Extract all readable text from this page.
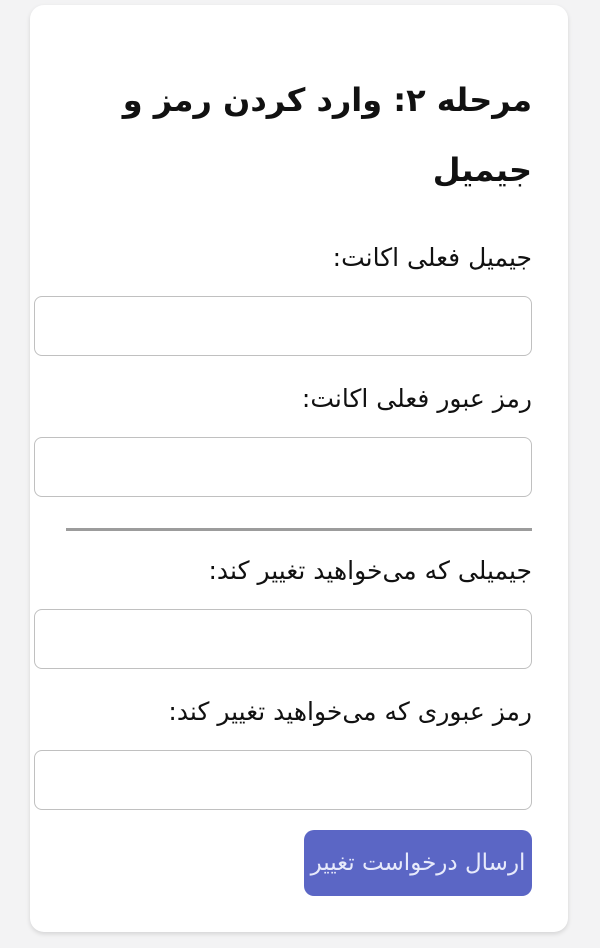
مرحله ۲: وارد کردن رمز و
جیمیل
جیمیل فعلی اکانت:
رمز عبور فعلی اکانت:
جیمیلی که می‌خواهید تغییر کند:
رمز عبوری که می‌خواهید تغییر کند:
ارسال درخواست تغییر
